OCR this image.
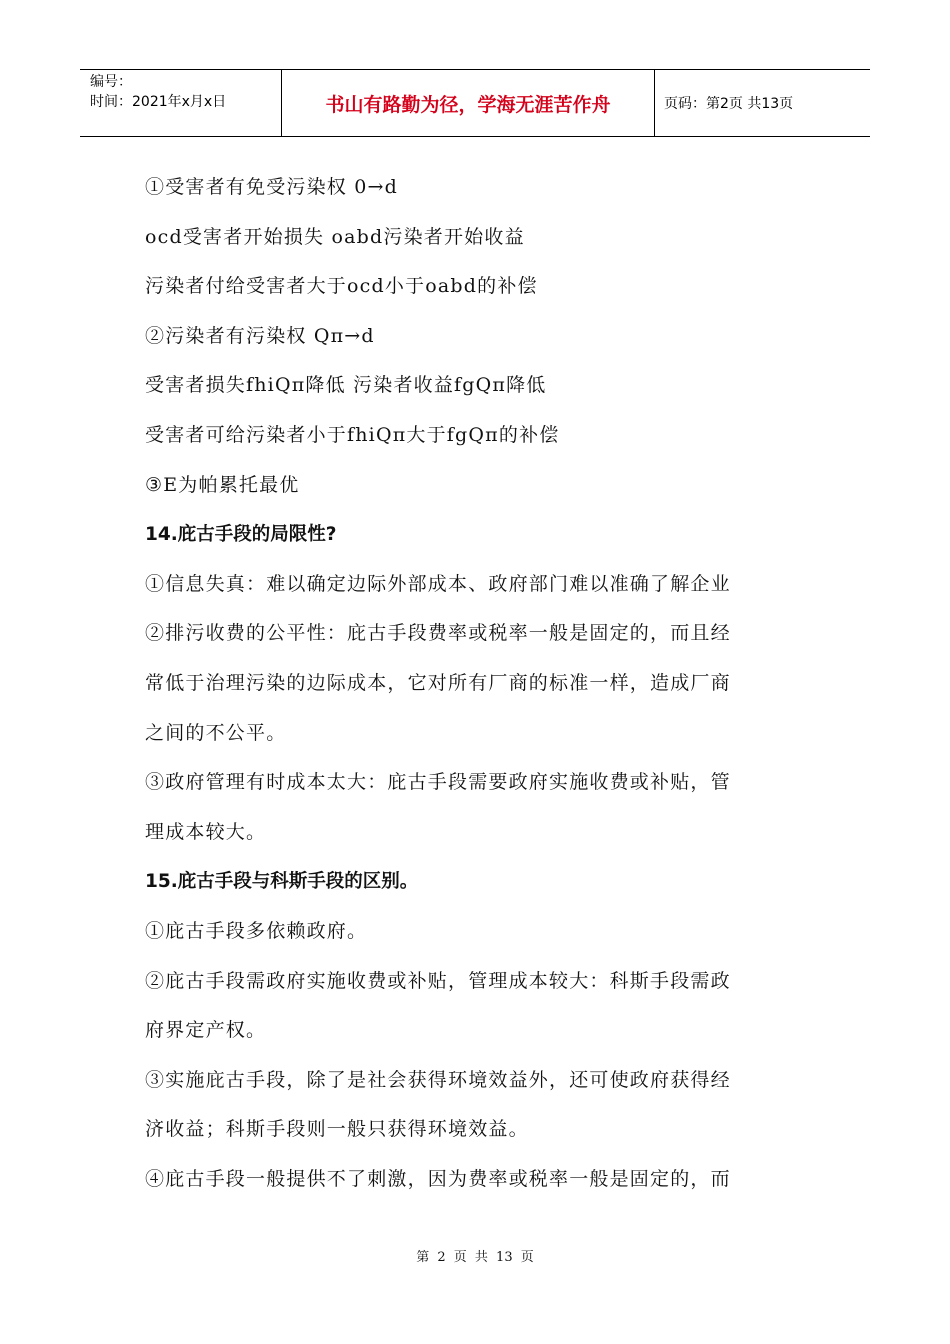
编号：
时间：2021年x月x日	书山有路勤为径，学海无涯苦作舟	页码：第2页 共13页
①受害者有免受污染权 0→d
ocd受害者开始损失 oabd污染者开始收益
污染者付给受害者大于ocd小于oabd的补偿
②污染者有污染权 Qπ→d
受害者损失fhiQπ降低 污染者收益fgQπ降低
受害者可给污染者小于fhiQπ大于fgQπ的补偿
③E为帕累托最优
14.庇古手段的局限性?
①信息失真：难以确定边际外部成本、政府部门难以准确了解企业
②排污收费的公平性：庇古手段费率或税率一般是固定的，而且经
常低于治理污染的边际成本，它对所有厂商的标准一样，造成厂商
之间的不公平。
③政府管理有时成本太大：庇古手段需要政府实施收费或补贴，管
理成本较大。
15.庇古手段与科斯手段的区别。
①庇古手段多依赖政府。
②庇古手段需政府实施收费或补贴，管理成本较大：科斯手段需政
府界定产权。
③实施庇古手段，除了是社会获得环境效益外，还可使政府获得经
济收益；科斯手段则一般只获得环境效益。
④庇古手段一般提供不了刺激，因为费率或税率一般是固定的，而
第 2 页 共 13 页
